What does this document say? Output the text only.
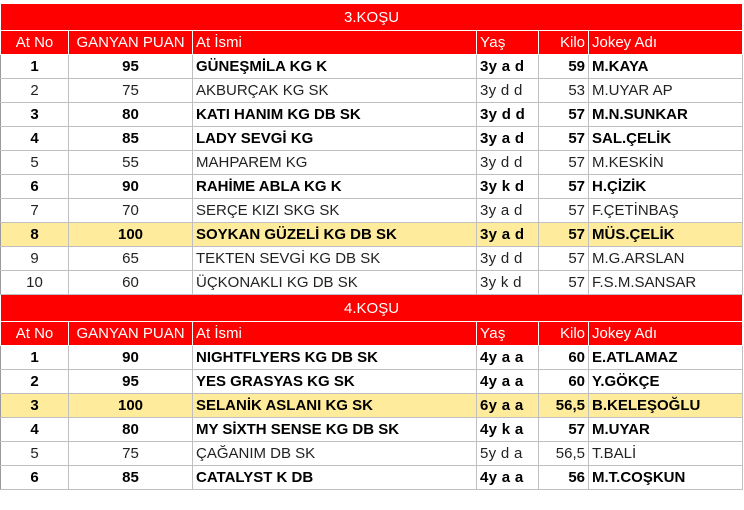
3.KOŞU					
At No	GANYAN PUAN	At İsmi	Yaş	Kilo	Jokey Adı
1	95	GÜNEŞMİLA KG K	3y a d	59	M.KAYA
2	75	AKBURÇAK KG SK	3y d d	53	M.UYAR AP
3	80	KATI HANIM KG DB SK	3y d d	57	M.N.SUNKAR
4	85	LADY SEVGİ KG	3y a d	57	SAL.ÇELİK
5	55	MAHPAREM KG	3y d d	57	M.KESKİN
6	90	RAHİME ABLA KG K	3y k d	57	H.ÇİZİK
7	70	SERÇE KIZI SKG SK	3y a d	57	F.ÇETİNBAŞ
8	100	SOYKAN GÜZELİ KG DB SK	3y a d	57	MÜS.ÇELİK
9	65	TEKTEN SEVGİ KG DB SK	3y d d	57	M.G.ARSLAN
10	60	ÜÇKONAKLI KG DB SK	3y k d	57	F.S.M.SANSAR
4.KOŞU					
At No	GANYAN PUAN	At İsmi	Yaş	Kilo	Jokey Adı
1	90	NIGHTFLYERS KG DB SK	4y a a	60	E.ATLAMAZ
2	95	YES GRASYAS KG SK	4y a a	60	Y.GÖKÇE
3	100	SELANİK ASLANI KG SK	6y a a	56,5	B.KELEŞOĞLU
4	80	MY SİXTH SENSE KG DB SK	4y k a	57	M.UYAR
5	75	ÇAĞANIM DB SK	5y d a	56,5	T.BALİ
6	85	CATALYST K DB	4y a a	56	M.T.COŞKUN
